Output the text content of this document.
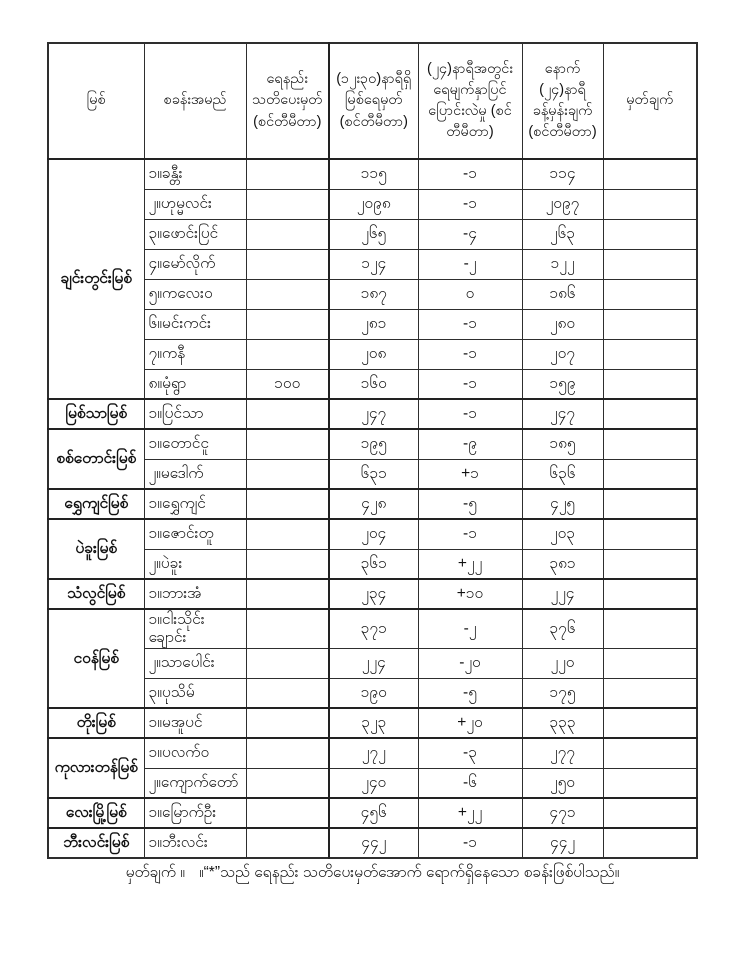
မြစ်	စခန်းအမည်	ရေနည်း သတိပေးမှတ် (စင်တီမီတာ)	(၁၂း၃၀)နာရီရှိ မြစ်ရေမှတ် (စင်တီမီတာ)	(၂၄)နာရီအတွင်း ရေမျက်နှာပြင် ပြောင်းလဲမှု (စင်တီမီတာ)	နောက် (၂၄)နာရီ ခန့်မှန်းချက် (စင်တီမီတာ)	မှတ်ချက်
ချင်းတွင်းမြစ်	၁။ခန္တီး		၁၁၅	-၁	၁၁၄	
	၂။ဟုမ္မလင်း		၂၀၉၈	-၁	၂၀၉၇	
	၃။ဖောင်းပြင်		၂၆၅	-၄	၂၆၃	
	၄။မော်လိုက်		၁၂၄	-၂	၁၂၂	
	၅။ကလေးဝ		၁၈၇	၀	၁၈၆	
	၆။မင်းကင်း		၂၈၁	-၁	၂၈၀	
	၇။ကနီ		၂၀၈	-၁	၂၀၇	
	၈။မုံရွာ	၁၀၀	၁၆၀	-၁	၁၅၉	
မြစ်သာမြစ်	၁။ပြင်သာ		၂၄၇	-၁	၂၄၇	
စစ်တောင်းမြစ်	၁။တောင်ငူ		၁၉၅	-၉	၁၈၅	
	၂။မဒေါက်		၆၃၁	+၁	၆၃၆	
ရွှေကျင်မြစ်	၁။ရွှေကျင်		၄၂၈	-၅	၄၂၅	
ပဲခူးမြစ်	၁။ဇောင်းတူ		၂၀၄	-၁	၂၀၃	
	၂။ပဲခူး		၃၆၁	+၂၂	၃၈၁	
သံလွင်မြစ်	၁။ဘားအံ		၂၃၄	+၁၀	၂၂၄	
ငဝန်မြစ်	၁။ငါးသိုင်းချောင်း		၃၇၁	-၂	၃၇၆	
	၂။သာပေါင်း		၂၂၄	-၂၀	၂၂၀	
	၃။ပုသိမ်		၁၉၀	-၅	၁၇၅	
တိုးမြစ်	၁။မအူပင်		၃၂၃	+၂၀	၃၃၃	
ကုလားတန်မြစ်	၁။ပလက်ဝ		၂၇၂	-၃	၂၇၇	
	၂။ကျောက်တော်		၂၄၀	-၆	၂၅၀	
လေးမြို့မြစ်	၁။မြောက်ဦး		၄၅၆	+၂၂	၄၇၁	
ဘီးလင်းမြစ်	၁။ဘီးလင်း		၄၄၂	-၁	၄၄၂	
မှတ်ချက် ။ ။“*”သည် ရေနည်း သတိပေးမှတ်အောက် ရောက်ရှိနေသော စခန်းဖြစ်ပါသည်။
